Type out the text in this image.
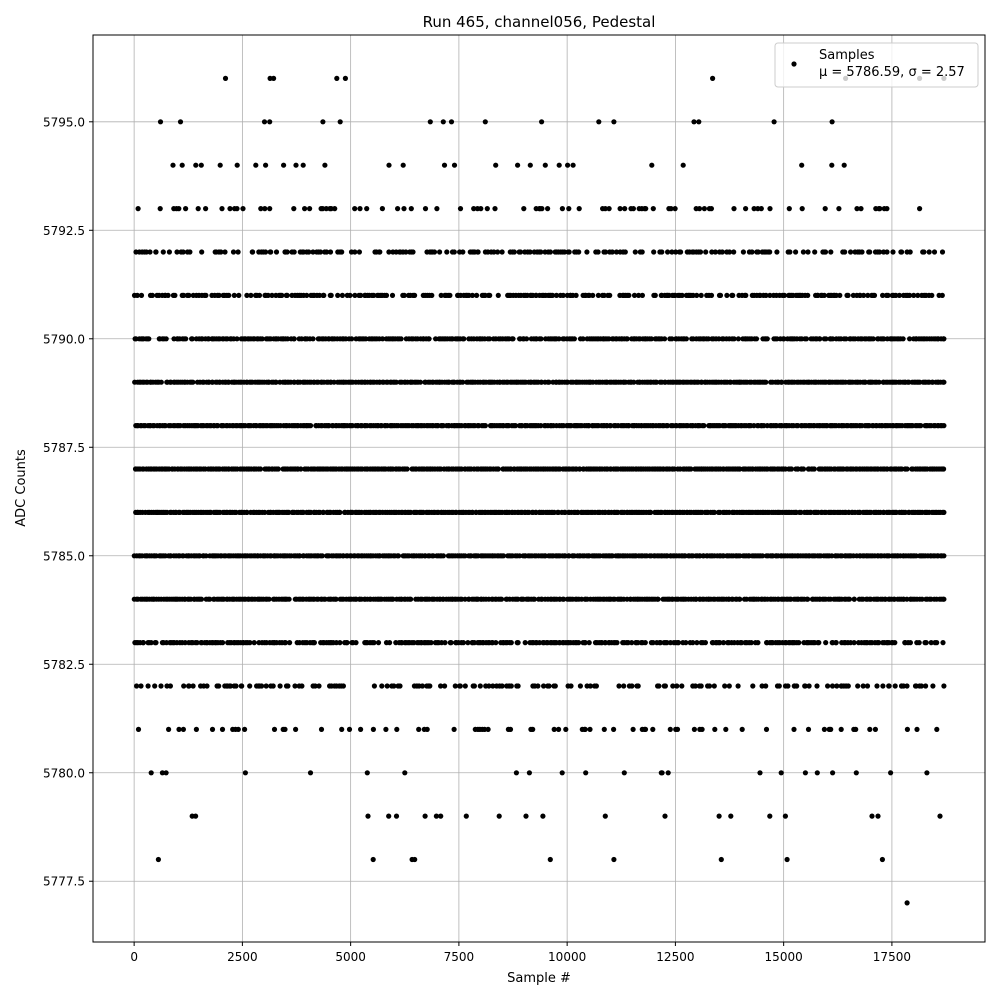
0	2500	5000	7500	10000	12500	15000	17500
5777.5
5780.0
5782.5
5785.0
5787.5
5790.0
5792.5
5795.0
Run 465, channel056, Pedestal
Sample #
ADC Counts
Samples
μ = 5786.59, σ = 2.57
